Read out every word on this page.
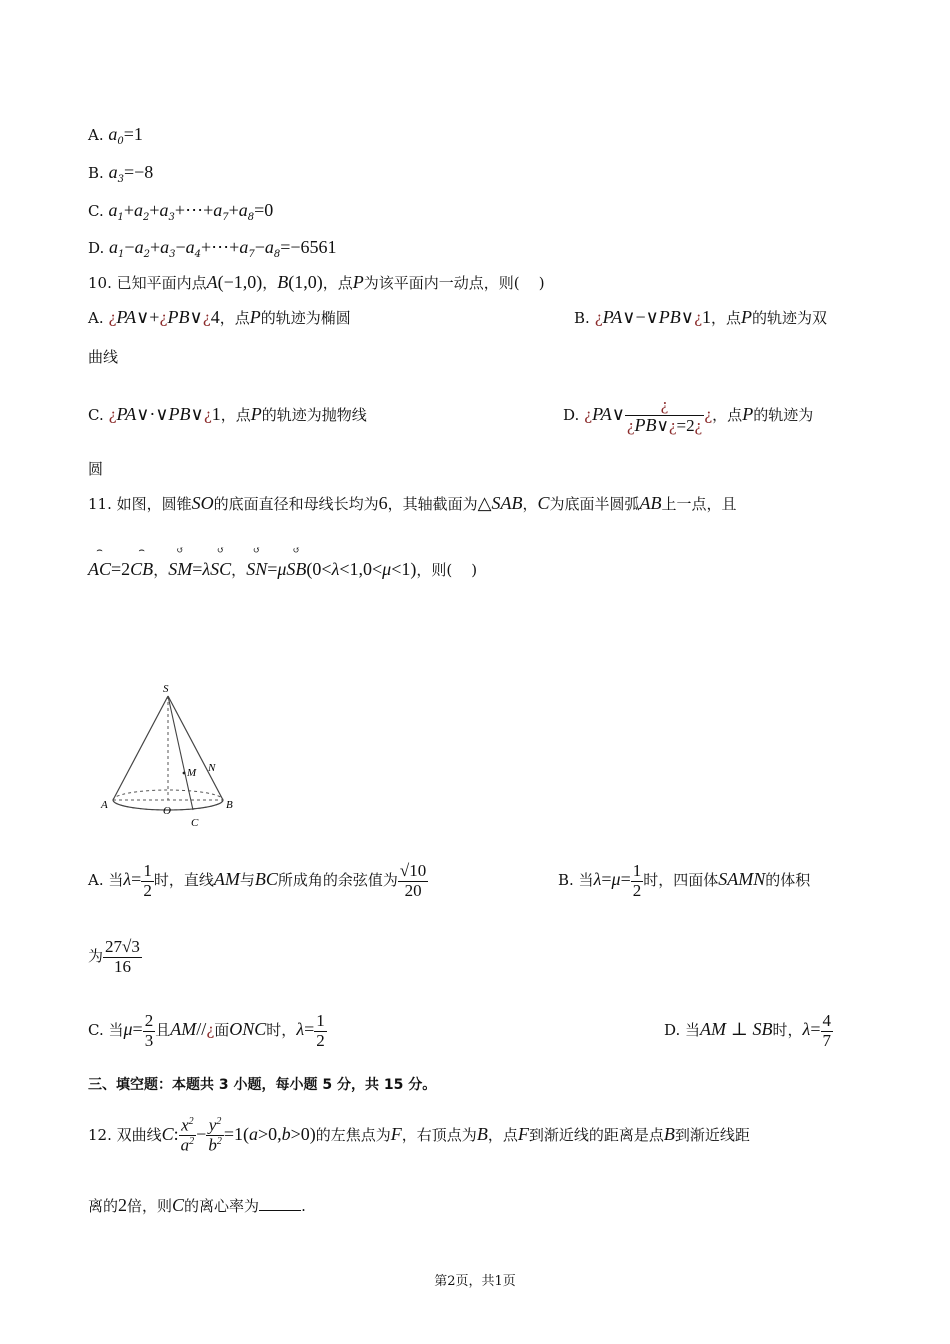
A. $a_0=1$
B. $a_3=-8$
C. $a_1+a_2+a_3+\cdots+a_7+a_8=0$
D. $a_1-a_2+a_3-a_4+\cdots+a_7-a_8=-6561$
10. 已知平面内点A(−1,0)，B(1,0)，点P为该平面内一动点，则(    )
A. ¿PA∨+¿PB∨¿4，点P的轨迹为椭圆	B. ¿PA∨−∨PB∨¿1，点P的轨迹为双
曲线
C. ¿PA∨·∨PB∨¿1，点P的轨迹为抛物线	D. ¿PA∨ $\frac{¿}{¿PB\vee¿=2¿}$ ¿，点P的轨迹为
圆
11. 如图，圆锥SO的底面直径和母线长均为6，其轴截面为△SAB，C为底面半圆弧AB上一点，且
⌢ AC=2⌢ CB，↺ SM=λ↺ SC，↺ SN=μ↺ SB(0<λ<1,0<μ<1)，则(    )
S
A	B
O
C
M N
A. 当$\lambda= \frac{1}{2}$ 时，直线AM与BC所成角的余弦值为 $\frac{√10}{20}$	B. 当$\lambda=\mu= \frac{1}{2}$ 时，四面体SAMN的体积
为 $\frac{27√3}{16}$
C. 当$\mu= \frac{2}{3}$ 且AM//¿面ONC时，$\lambda= \frac{1}{2}$	D. 当AM ⊥ SB时，$\lambda= \frac{4}{7}$
三、填空题：本题共 3 小题，每小题 5 分，共 15 分。
12. 双曲线C: $\frac{x^2}{a^2} - \frac{y^2}{b^2} =1(a>0,b>0)$的左焦点为F，右顶点为B，点F到渐近线的距离是点B到渐近线距
离的2倍，则C的离心率为	.
第2页，共1页
